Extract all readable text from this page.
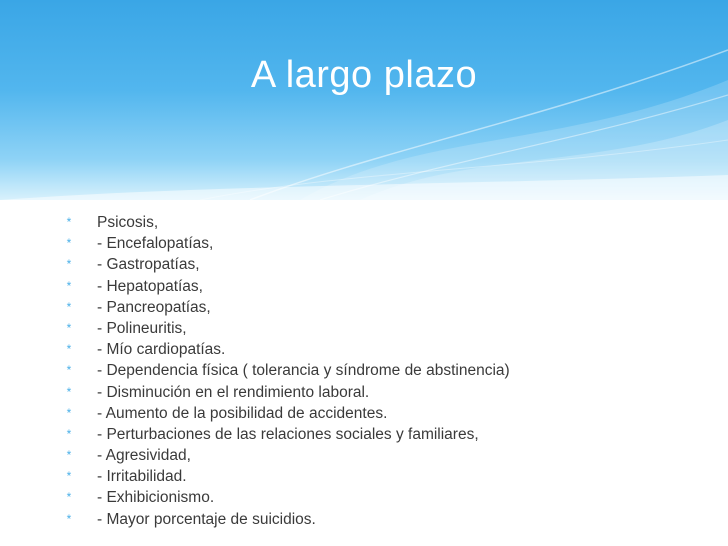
A largo plazo
*	Psicosis,
*	- Encefalopatías,
*	- Gastropatías,
*	- Hepatopatías,
*	- Pancreopatías,
*	- Polineuritis,
*	- Mío cardiopatías.
*	- Dependencia física ( tolerancia y síndrome de abstinencia)
*	- Disminución en el rendimiento laboral.
*	- Aumento de la posibilidad de accidentes.
*	- Perturbaciones de las relaciones sociales y familiares,
*	- Agresividad,
*	- Irritabilidad.
*	- Exhibicionismo.
*	- Mayor porcentaje de suicidios.
